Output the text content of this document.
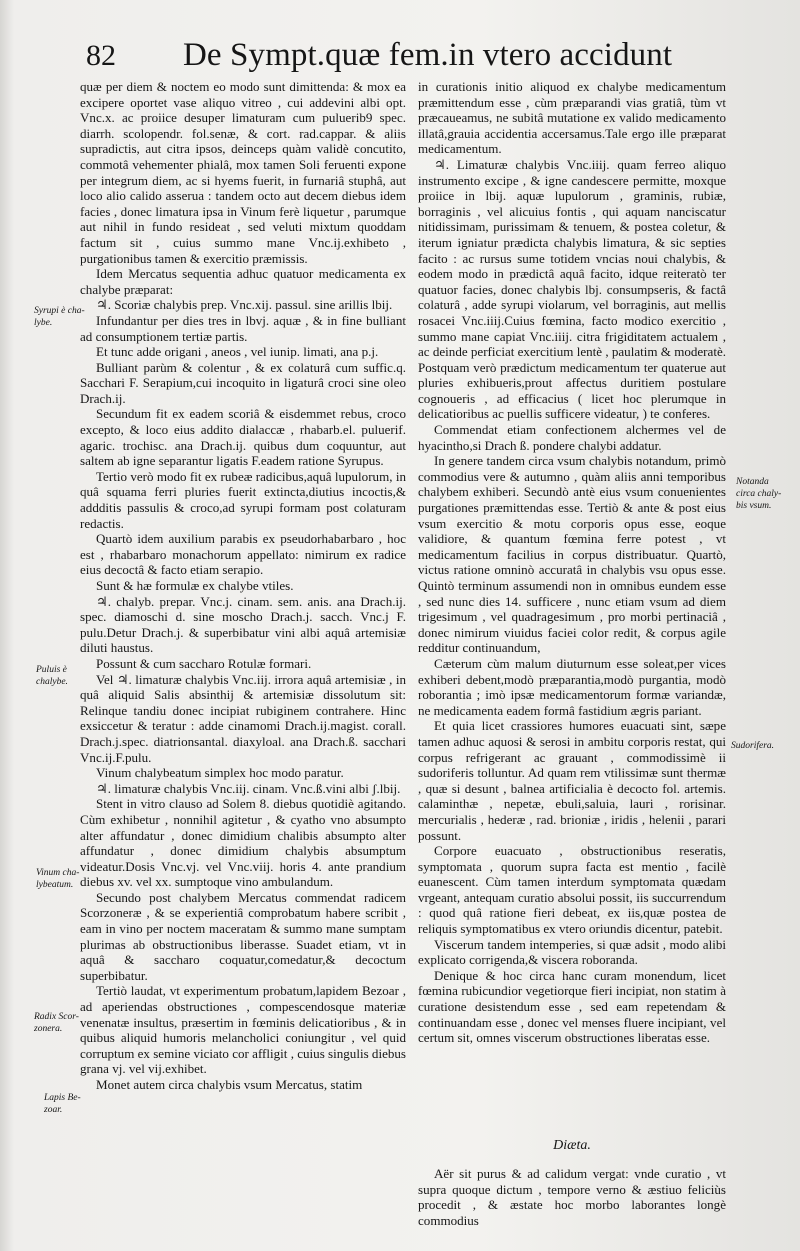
82 De Sympt.quæ fem.in vtero accidunt
Syrupi è cha-
lybe.
Puluis è
chalybe.
Vinum cha-
lybeatum.
Radix Scor-
zonera.
Lapis Be-
zoar.
Notanda
circa chaly-
bis vsum.
Sudorifera.

quæ per diem & noctem eo modo sunt dimittenda: & mox ea excipere oportet vase aliquo vitreo , cui addevini albi opt. Vnc.x. ac proiice desuper limaturam cum puluerib9 spec. diarrh. scolopendr. fol.senæ, & cort. rad.cappar. & aliis supradictis, aut citra ipsos, deinceps quàm validè concutito, commotâ vehementer phialâ, mox tamen Soli feruenti expone per integrum diem, ac si hyems fuerit, in furnariâ stuphâ, aut loco alio calido asserua : tandem octo aut decem diebus idem facies , donec limatura ipsa in Vinum ferè liquetur , parumque aut nihil in fundo resideat , sed veluti mixtum quoddam factum sit , cuius summo mane Vnc.ij.exhibeto , purgationibus tamen & exercitio præmissis.

Idem Mercatus sequentia adhuc quatuor medicamenta ex chalybe præparat:

♃. Scoriæ chalybis prep. Vnc.xij. passul. sine arillis lbij.

Infundantur per dies tres in lbvj. aquæ , & in fine bulliant ad consumptionem tertiæ partis.

Et tunc adde origani , aneos , vel iunip. limati, ana p.j.

Bulliant parùm & colentur , & ex colaturâ cum suffic.q. Sacchari F. Serapium,cui incoquito in ligaturâ croci sine oleo Drach.ij.

Secundum fit ex eadem scoriâ & eisdemmet rebus, croco excepto, & loco eius addito dialaccæ , rhabarb.el. puluerif. agaric. trochisc. ana Drach.ij. quibus dum coquuntur, aut saltem ab igne separantur ligatis F.eadem ratione Syrupus.

Tertio verò modo fit ex rubeæ radicibus,aquâ lupulorum, in quâ squama ferri pluries fuerit extincta,diutius incoctis,& addditis passulis & croco,ad syrupi formam post colaturam redactis.

Quartò idem auxilium parabis ex pseudorhabarbaro , hoc est , rhabarbaro monachorum appellato: nimirum ex radice eius decoctâ & facto etiam serapio.

Sunt & hæ formulæ ex chalybe vtiles.

♃. chalyb. prepar. Vnc.j. cinam. sem. anis. ana Drach.ij. spec. diamoschi d. sine moscho Drach.j. sacch. Vnc.j F. pulu.Detur Drach.j. & superbibatur vini albi aquâ artemisiæ diluti haustus.

Possunt & cum saccharo Rotulæ formari.

Vel ♃. limaturæ chalybis Vnc.iij. irrora aquâ artemisiæ , in quâ aliquid Salis absinthij & artemisiæ dissolutum sit: Relinque tandiu donec incipiat rubiginem contrahere. Hinc exsiccetur & teratur : adde cinamomi Drach.ij.magist. corall. Drach.j.spec. diatrionsantal. diaxyloal. ana Drach.ß. sacchari Vnc.ij.F.pulu.

Vinum chalybeatum simplex hoc modo paratur.

♃. limaturæ chalybis Vnc.iij. cinam. Vnc.ß.vini albi ʃ.lbij.

Stent in vitro clauso ad Solem 8. diebus quotidiè agitando. Cùm exhibetur , nonnihil agitetur , & cyatho vno absumpto alter affundatur , donec dimidium chalibis absumpto alter affundatur , donec dimidium chalybis absumptum videatur.Dosis Vnc.vj. vel Vnc.viij. horis 4. ante prandium diebus xv. vel xx. sumptoque vino ambulandum.

Secundo post chalybem Mercatus commendat radicem Scorzoneræ , & se experientiâ comprobatum habere scribit , eam in vino per noctem maceratam & summo mane sumptam plurimas ab obstructionibus liberasse. Suadet etiam, vt in aquâ & saccharo coquatur,comedatur,& decoctum superbibatur.

Tertiò laudat, vt experimentum probatum,lapidem Bezoar , ad aperiendas obstructiones , compescendosque materiæ venenatæ insultus, præsertim in fœminis delicatioribus , & in quibus aliquid humoris melancholici coniungitur , vel quid corruptum ex semine viciato cor affligit , cuius singulis diebus grana vj. vel vij.exhibet.

Monet autem circa chalybis vsum Mercatus, statim

in curationis initio aliquod ex chalybe medicamentum præmittendum esse , cùm præparandi vias gratiâ, tùm vt præcaueamus, ne subitâ mutatione ex valido medicamento illatâ,grauia accidentia accersamus.Tale ergo ille præparat medicamentum.

♃. Limaturæ chalybis Vnc.iiij. quam ferreo aliquo instrumento excipe , & igne candescere permitte, moxque proiice in lbij. aquæ lupulorum , graminis, rubiæ, borraginis , vel alicuius fontis , qui aquam nanciscatur nitidissimam, purissimam & tenuem, & postea coletur, & iterum igniatur prædicta chalybis limatura, & sic septies facito : ac rursus sume totidem vncias noui chalybis, & eodem modo in prædictâ aquâ facito, idque reiteratò ter quatuor facies, donec chalybis lbj. consumpseris, & factâ colaturâ , adde syrupi violarum, vel borraginis, aut mellis rosacei Vnc.iiij.Cuius fœmina, facto modico exercitio , summo mane capiat Vnc.iiij. citra frigiditatem actualem , ac deinde perficiat exercitium lentè , paulatim & moderatè. Postquam verò prædictum medicamentum ter quaterue aut pluries exhibueris,prout affectus duritiem postulare cognoueris , ad efficacius ( licet hoc plerumque in delicatioribus ac puellis sufficere videatur, ) te conferes.

Commendat etiam confectionem alchermes vel de hyacintho,si Drach ß. pondere chalybi addatur.

In genere tandem circa vsum chalybis notandum, primò commodius vere & autumno , quàm aliis anni temporibus chalybem exhiberi. Secundò antè eius vsum conuenientes purgationes præmittendas esse. Tertiò & ante & post eius vsum exercitio & motu corporis opus esse, eoque validiore, & quantum fœmina ferre potest , vt medicamentum facilius in corpus distribuatur. Quartò, victus ratione omninò accuratâ in chalybis vsu opus esse. Quintò terminum assumendi non in omnibus eundem esse , sed nunc dies 14. sufficere , nunc etiam vsum ad diem trigesimum , vel quadragesimum , pro morbi pertinaciâ , donec nimirum viuidus faciei color redit, & corpus agile redditur continuandum,

Cæterum cùm malum diuturnum esse soleat,per vices exhiberi debent,modò præparantia,modò purgantia, modò roborantia ; imò ipsæ medicamentorum formæ variandæ, ne medicamenta eadem formâ fastidium ægris pariant.

Et quia licet crassiores humores euacuati sint, sæpe tamen adhuc aquosi & serosi in ambitu corporis restat, qui corpus refrigerant ac grauant , commodissimè ii sudoriferis tolluntur. Ad quam rem vtilissimæ sunt thermæ , quæ si desunt , balnea artificialia è decocto fol. artemis. calaminthæ , nepetæ, ebuli,saluia, lauri , rorisinar. mercurialis , hederæ , rad. brioniæ , iridis , helenii , parari possunt.

Corpore euacuato , obstructionibus reseratis, symptomata , quorum supra facta est mentio , facilè euanescent. Cùm tamen interdum symptomata quædam vrgeant, antequam curatio absolui possit, iis succurrendum : quod quâ ratione fieri debeat, ex iis,quæ postea de reliquis symptomatibus ex vtero oriundis dicentur, patebit.

Viscerum tandem intemperies, si quæ adsit , modo alibi explicato corrigenda,& viscera roboranda.

Denique & hoc circa hanc curam monendum, licet fœmina rubicundior vegetiorque fieri incipiat, non statim à curatione desistendum esse , sed eam repetendam & continuandam esse , donec vel menses fluere incipiant, vel certum sit, omnes viscerum obstructiones liberatas esse.

Diæta.

Aër sit purus & ad calidum vergat: vnde curatio , vt supra quoque dictum , tempore verno & æstiuo feliciùs procedit , & æstate hoc morbo laborantes longè commodius
